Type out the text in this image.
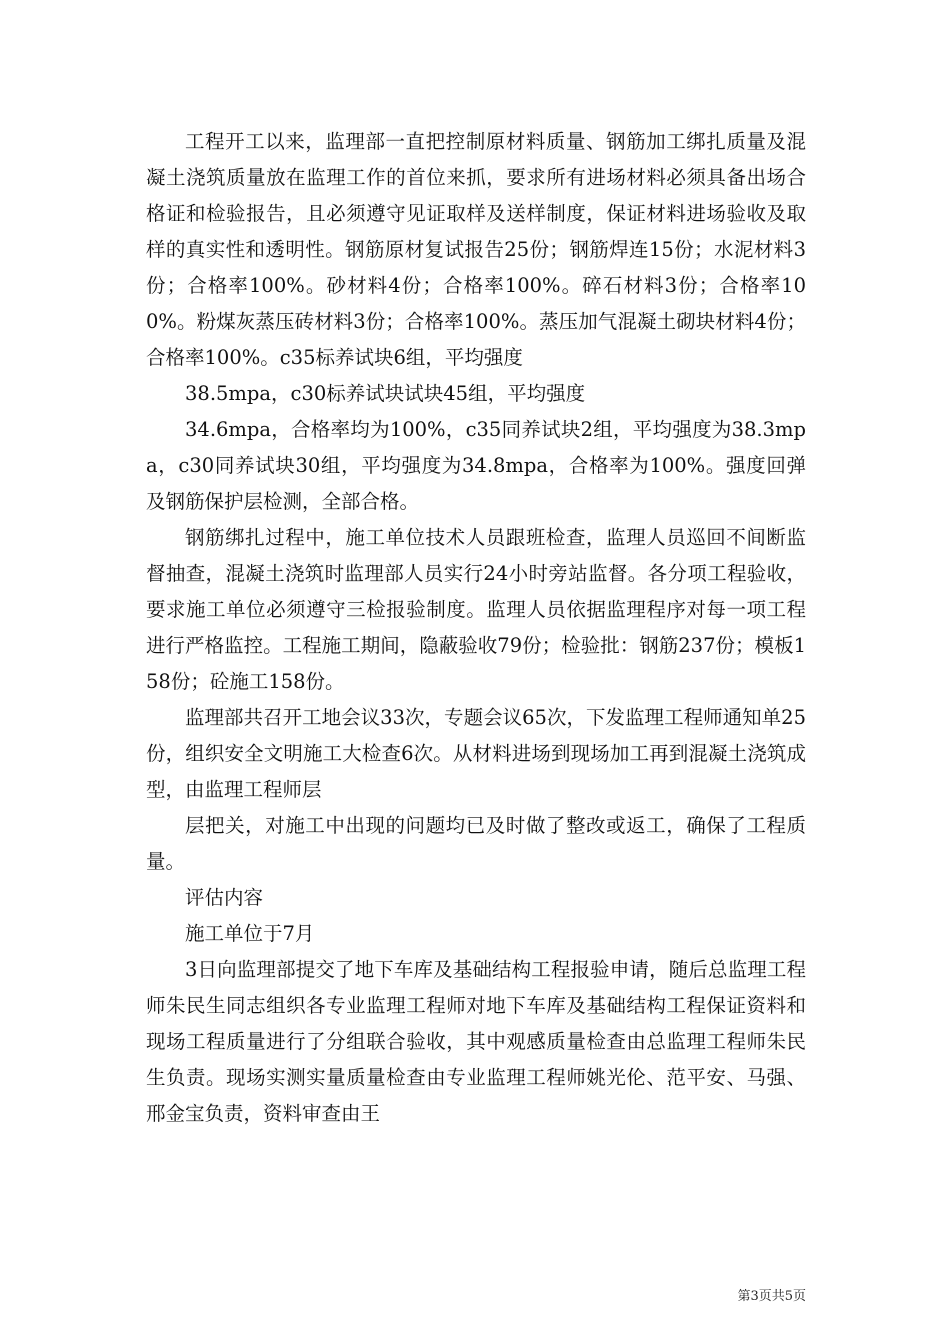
工程开工以来，监理部一直把控制原材料质量、钢筋加工绑扎质量及混凝土浇筑质量放在监理工作的首位来抓，要求所有进场材料必须具备出场合格证和检验报告，且必须遵守见证取样及送样制度，保证材料进场验收及取样的真实性和透明性。钢筋原材复试报告25份；钢筋焊连15份；水泥材料3份；合格率100%。砂材料4份；合格率100%。碎石材料3份；合格率100%。粉煤灰蒸压砖材料3份；合格率100%。蒸压加气混凝土砌块材料4份；合格率100%。c35标养试块6组，平均强度

38.5mpa，c30标养试块试块45组，平均强度

34.6mpa，合格率均为100%，c35同养试块2组，平均强度为38.3mpa，c30同养试块30组，平均强度为34.8mpa，合格率为100%。强度回弹及钢筋保护层检测，全部合格。

钢筋绑扎过程中，施工单位技术人员跟班检查，监理人员巡回不间断监督抽查，混凝土浇筑时监理部人员实行24小时旁站监督。各分项工程验收，要求施工单位必须遵守三检报验制度。监理人员依据监理程序对每一项工程进行严格监控。工程施工期间，隐蔽验收79份；检验批：钢筋237份；模板158份；砼施工158份。

监理部共召开工地会议33次，专题会议65次，下发监理工程师通知单25份，组织安全文明施工大检查6次。从材料进场到现场加工再到混凝土浇筑成型，由监理工程师层

层把关，对施工中出现的问题均已及时做了整改或返工，确保了工程质量。

评估内容

施工单位于7月

3日向监理部提交了地下车库及基础结构工程报验申请，随后总监理工程师朱民生同志组织各专业监理工程师对地下车库及基础结构工程保证资料和现场工程质量进行了分组联合验收，其中观感质量检查由总监理工程师朱民生负责。现场实测实量质量检查由专业监理工程师姚光伦、范平安、马强、邢金宝负责，资料审查由王

第3页共5页
